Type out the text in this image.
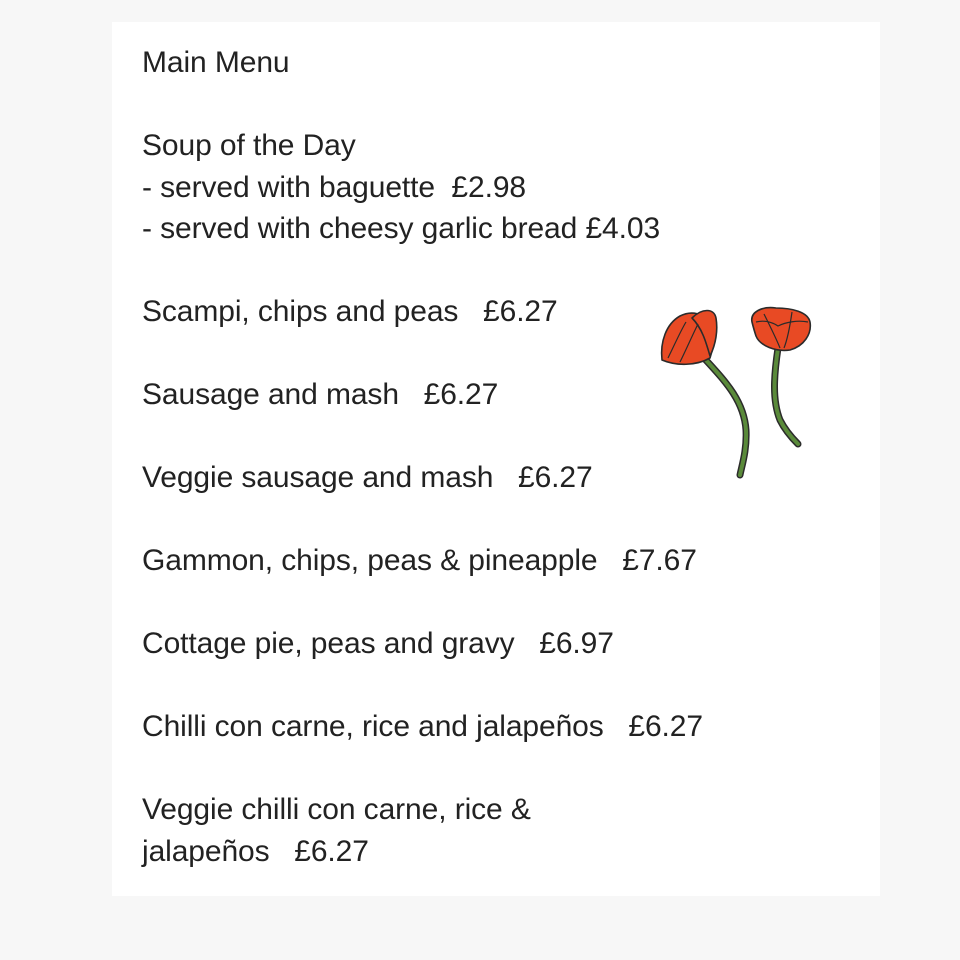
Main Menu
Soup of the Day
- served with baguette  £2.98
- served with cheesy garlic bread £4.03
Scampi, chips and peas   £6.27
Sausage and mash   £6.27
Veggie sausage and mash   £6.27
Gammon, chips, peas & pineapple   £7.67
Cottage pie, peas and gravy   £6.97
Chilli con carne, rice and jalapeños   £6.27
Veggie chilli con carne, rice &
jalapeños   £6.27
